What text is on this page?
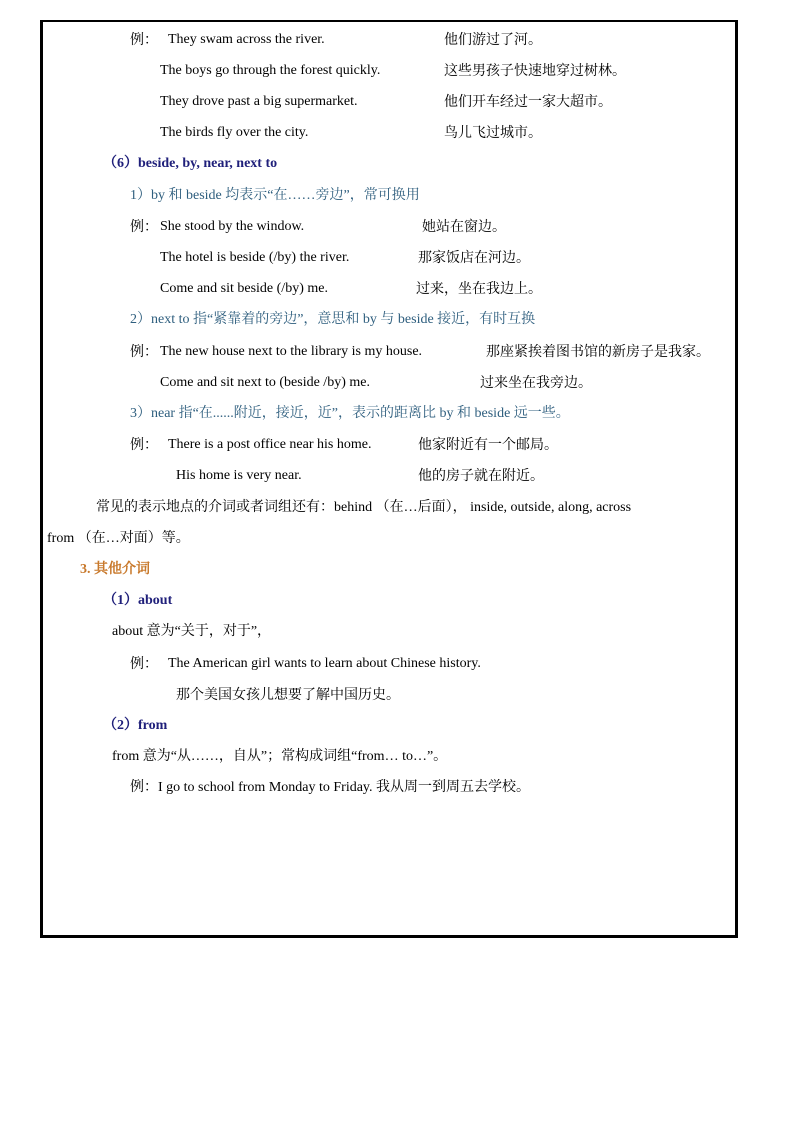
例： They swam across the river.	他们游过了河。
The boys go through the forest quickly.	这些男孩子快速地穿过树林。
They drove past a big supermarket.	他们开车经过一家大超市。
The birds fly over the city.	鸟儿飞过城市。
（6）beside, by, near, next to
1）by 和 beside 均表示“在……旁边”，常可换用
例： She stood by the window.	她站在窗边。
The hotel is beside (/by) the river.	那家饭店在河边。
Come and sit beside (/by) me.	过来，坐在我边上。
2）next to 指“紧靠着的旁边”，意思和 by 与 beside 接近，有时互换
例： The new house next to the library is my house.	那座紧挨着图书馆的新房子是我家。
Come and sit next to (beside /by) me.	过来坐在我旁边。
3）near 指“在......附近，接近，近”，表示的距离比 by 和 beside 远一些。
例： There is a post office near his home.	他家附近有一个邮局。
His home is very near.	他的房子就在附近。
常见的表示地点的介词或者词组还有：behind （在…后面）， inside, outside, along, across
from （在…对面）等。
3. 其他介词
（1）about
about 意为“关于，对于”，
例： The American girl wants to learn about Chinese history.
那个美国女孩儿想要了解中国历史。
（2）from
from 意为“从……，自从”；常构成词组“from… to…”。
例：I go to school from Monday to Friday. 我从周一到周五去学校。
